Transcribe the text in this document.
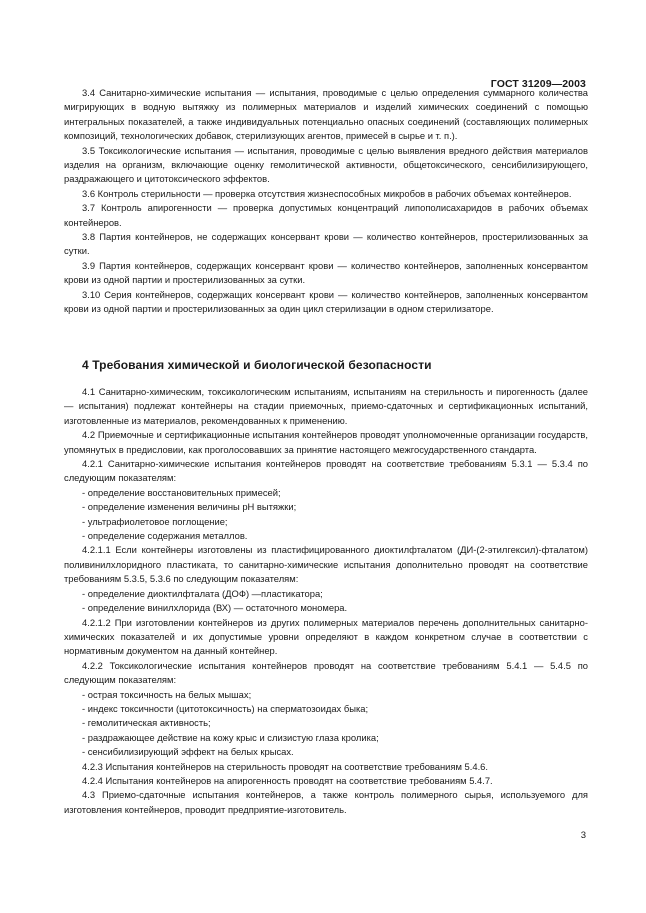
ГОСТ 31209—2003

3.4 Санитарно-химические испытания — испытания, проводимые с целью определения суммарного количества мигрирующих в водную вытяжку из полимерных материалов и изделий химических соединений с помощью интегральных показателей, а также индивидуальных потенциально опасных соединений (составляющих полимерных композиций, технологических добавок, стерилизующих агентов, примесей в сырье и т. п.).

3.5 Токсикологические испытания — испытания, проводимые с целью выявления вредного действия материалов изделия на организм, включающие оценку гемолитической активности, общетоксического, сенсибилизирующего, раздражающего и цитотоксического эффектов.

3.6 Контроль стерильности — проверка отсутствия жизнеспособных микробов в рабочих объемах контейнеров.

3.7 Контроль апирогенности — проверка допустимых концентраций липополисахаридов в рабочих объемах контейнеров.

3.8 Партия контейнеров, не содержащих консервант крови — количество контейнеров, простерилизованных за сутки.

3.9 Партия контейнеров, содержащих консервант крови — количество контейнеров, заполненных консервантом крови из одной партии и простерилизованных за сутки.

3.10 Серия контейнеров, содержащих консервант крови — количество контейнеров, заполненных консервантом крови из одной партии и простерилизованных за один цикл стерилизации в одном стерилизаторе.

4 Требования химической и биологической безопасности

4.1 Санитарно-химическим, токсикологическим испытаниям, испытаниям на стерильность и пирогенность (далее — испытания) подлежат контейнеры на стадии приемочных, приемо-сдаточных и сертификационных испытаний, изготовленные из материалов, рекомендованных к применению.

4.2 Приемочные и сертификационные испытания контейнеров проводят уполномоченные организации государств, упомянутых в предисловии, как проголосовавших за принятие настоящего межгосударственного стандарта.

4.2.1 Санитарно-химические испытания контейнеров проводят на соответствие требованиям 5.3.1 — 5.3.4 по следующим показателям:

- определение восстановительных примесей;
- определение изменения величины pH вытяжки;
- ультрафиолетовое поглощение;
- определение содержания металлов.

4.2.1.1 Если контейнеры изготовлены из пластифицированного диоктилфталатом (ДИ-(2-этилгексил)-фталатом) поливинилхлоридного пластиката, то санитарно-химические испытания дополнительно проводят на соответствие требованиям 5.3.5, 5.3.6 по следующим показателям:

- определение диоктилфталата (ДОФ) —пластикатора;
- определение винилхлорида (ВХ) — остаточного мономера.

4.2.1.2 При изготовлении контейнеров из других полимерных материалов перечень дополнительных санитарно-химических показателей и их допустимые уровни определяют в каждом конкретном случае в соответствии с нормативным документом на данный контейнер.

4.2.2 Токсикологические испытания контейнеров проводят на соответствие требованиям 5.4.1 — 5.4.5 по следующим показателям:

- острая токсичность на белых мышах;
- индекс токсичности (цитотоксичность) на сперматозоидах быка;
- гемолитическая активность;
- раздражающее действие на кожу крыс и слизистую глаза кролика;
- сенсибилизирующий эффект на белых крысах.

4.2.3 Испытания контейнеров на стерильность проводят на соответствие требованиям 5.4.6.

4.2.4 Испытания контейнеров на апирогенность проводят на соответствие требованиям 5.4.7.

4.3 Приемо-сдаточные испытания контейнеров, а также контроль полимерного сырья, используемого для изготовления контейнеров, проводит предприятие-изготовитель.

3
